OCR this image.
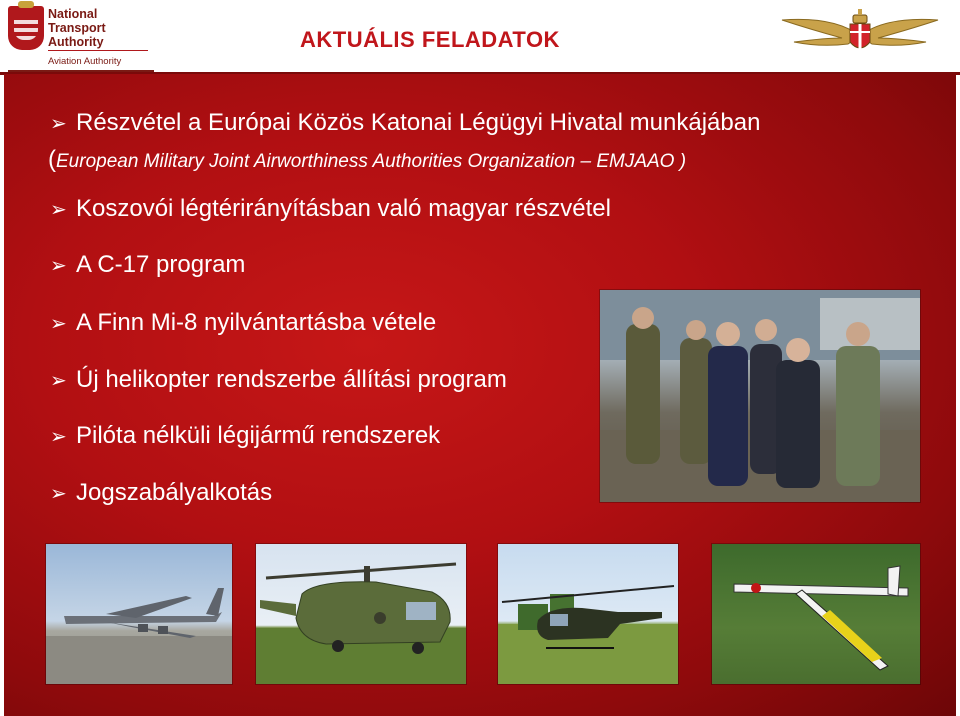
National
Transport
Authority
Aviation Authority
AKTUÁLIS FELADATOK
➢ Részvétel a Európai Közös Katonai Légügyi Hivatal munkájában
(European Military Joint Airworthiness Authorities Organization – EMJAAO )
➢ Koszovói légtérirányításban való magyar részvétel
➢ A C-17 program
➢ A Finn Mi-8 nyilvántartásba vétele
➢ Új helikopter rendszerbe állítási program
➢ Pilóta nélküli légijármű rendszerek
➢ Jogszabályalkotás
